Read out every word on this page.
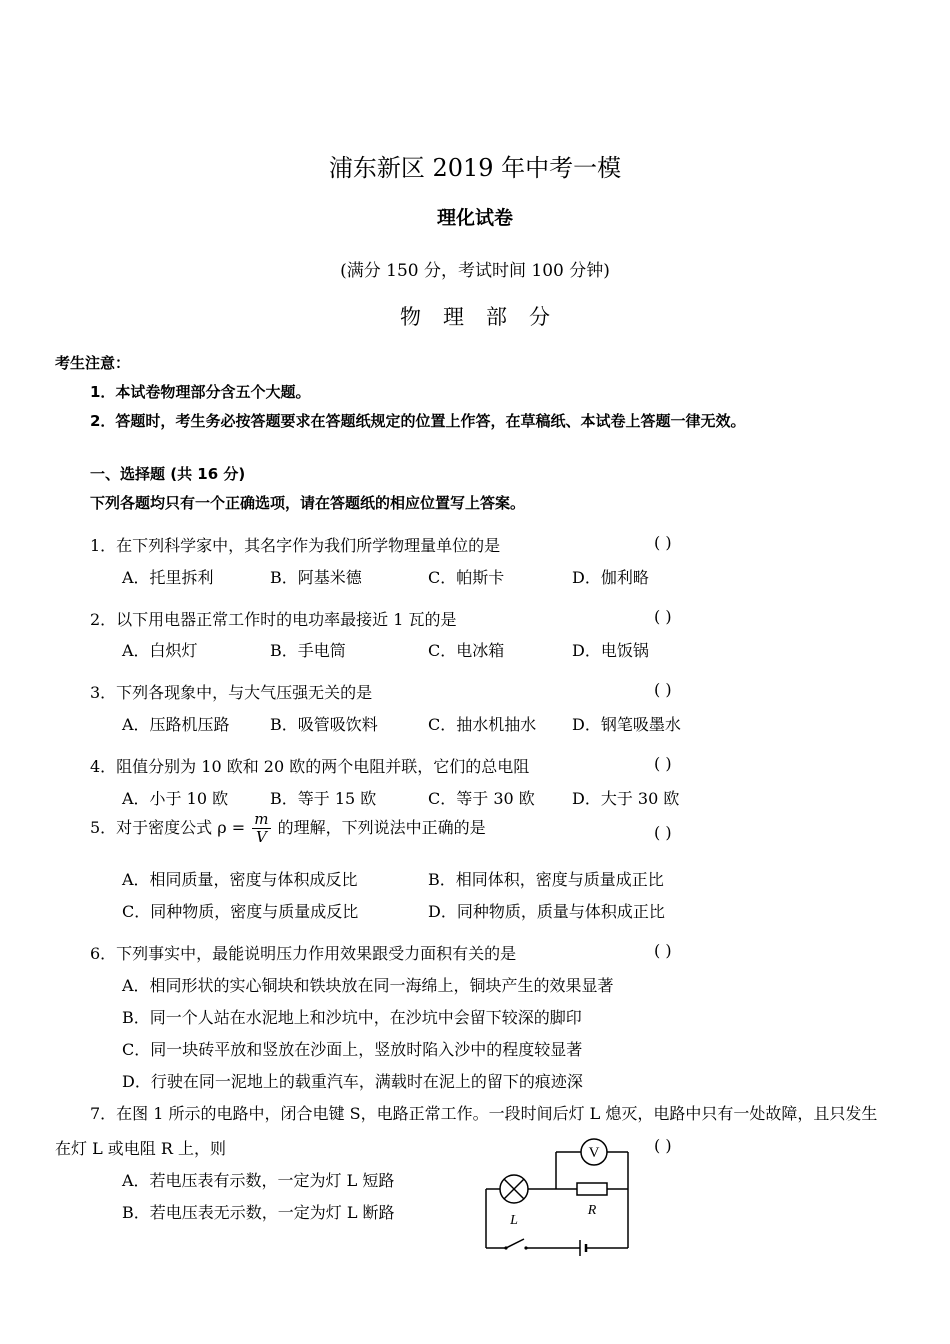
浦东新区 2019 年中考一模
理化试卷
(满分 150 分，考试时间 100 分钟)
物理部分
考生注意：
1．本试卷物理部分含五个大题。
2．答题时，考生务必按答题要求在答题纸规定的位置上作答，在草稿纸、本试卷上答题一律无效。
一、选择题 (共 16 分)
下列各题均只有一个正确选项，请在答题纸的相应位置写上答案。
1．在下列科学家中，其名字作为我们所学物理量单位的是	( )
A．托里拆利	B．阿基米德	C．帕斯卡	D．伽利略
2．以下用电器正常工作时的电功率最接近 1 瓦的是	( )
A．白炽灯	B．手电筒	C．电冰箱	D．电饭锅
3．下列各现象中，与大气压强无关的是	( )
A．压路机压路	B．吸管吸饮料	C．抽水机抽水 D．钢笔吸墨水
4．阻值分别为 10 欧和 20 欧的两个电阻并联，它们的总电阻	( )
A．小于 10 欧	B．等于 15 欧	C．等于 30 欧 D．大于 30 欧
5．对于密度公式 $\rho = \frac{m}{V}$ 的理解，下列说法中正确的是	( )
A．相同质量，密度与体积成反比	B．相同体积，密度与质量成正比
C．同种物质，密度与质量成反比	D．同种物质，质量与体积成正比
6．下列事实中，最能说明压力作用效果跟受力面积有关的是	( )
A．相同形状的实心铜块和铁块放在同一海绵上，铜块产生的效果显著
B．同一个人站在水泥地上和沙坑中，在沙坑中会留下较深的脚印
C．同一块砖平放和竖放在沙面上，竖放时陷入沙中的程度较显著
D．行驶在同一泥地上的载重汽车，满载时在泥上的留下的痕迹深
7．在图 1 所示的电路中，闭合电键 S，电路正常工作。一段时间后灯 L 熄灭，电路中只有一处故障，且只发生
在灯 L 或电阻 R 上，则	( )
A．若电压表有示数，一定为灯 L 短路
B．若电压表无示数，一定为灯 L 断路
V
L
R
